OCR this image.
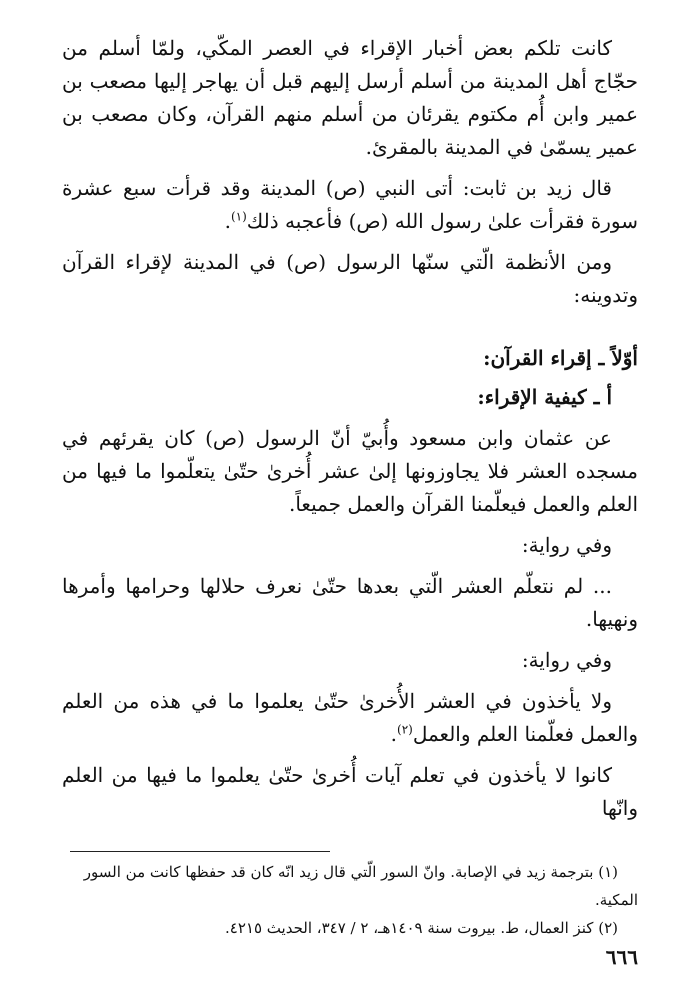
كانت تلكم بعض أخبار الإقراء في العصر المكّي، ولمّا أسلم من حجّاج أهل المدينة من أسلم أرسل إليهم قبل أن يهاجر إليها مصعب بن عمير وابن أُم مكتوم يقرئان من أسلم منهم القرآن، وكان مصعب بن عمير يسمّىٰ في المدينة بالمقرئ.

قال زيد بن ثابت: أتى النبي (ص) المدينة وقد قرأت سبع عشرة سورة فقرأت علىٰ رسول الله (ص) فأعجبه ذلك$^{(١)}$.

ومن الأنظمة الّتي سنّها الرسول (ص) في المدينة لإقراء القرآن وتدوينه:

أوّلاً ـ إقراء القرآن:

أ ـ كيفية الإقراء:

عن عثمان وابن مسعود وأُبيّ أنّ الرسول (ص) كان يقرئهم في مسجده العشر فلا يجاوزونها إلىٰ عشر أُخرىٰ حتّىٰ يتعلّموا ما فيها من العلم والعمل فيعلّمنا القرآن والعمل جميعاً.

وفي رواية:

... لم نتعلّم العشر الّتي بعدها حتّىٰ نعرف حلالها وحرامها وأمرها ونهيها.

وفي رواية:

ولا يأخذون في العشر الأُخرىٰ حتّىٰ يعلموا ما في هذه من العلم والعمل فعلّمنا العلم والعمل$^{(٢)}$.

كانوا لا يأخذون في تعلم آيات أُخرىٰ حتّىٰ يعلموا ما فيها من العلم وانّها

(١) بترجمة زيد في الإصابة. وانّ السور الّتي قال زيد انّه كان قد حفظها كانت من السور المكية.

(٢) كنز العمال، ط. بيروت سنة ١٤٠٩هـ، ٢ / ٣٤٧، الحديث ٤٢١٥.

٦٦٦
